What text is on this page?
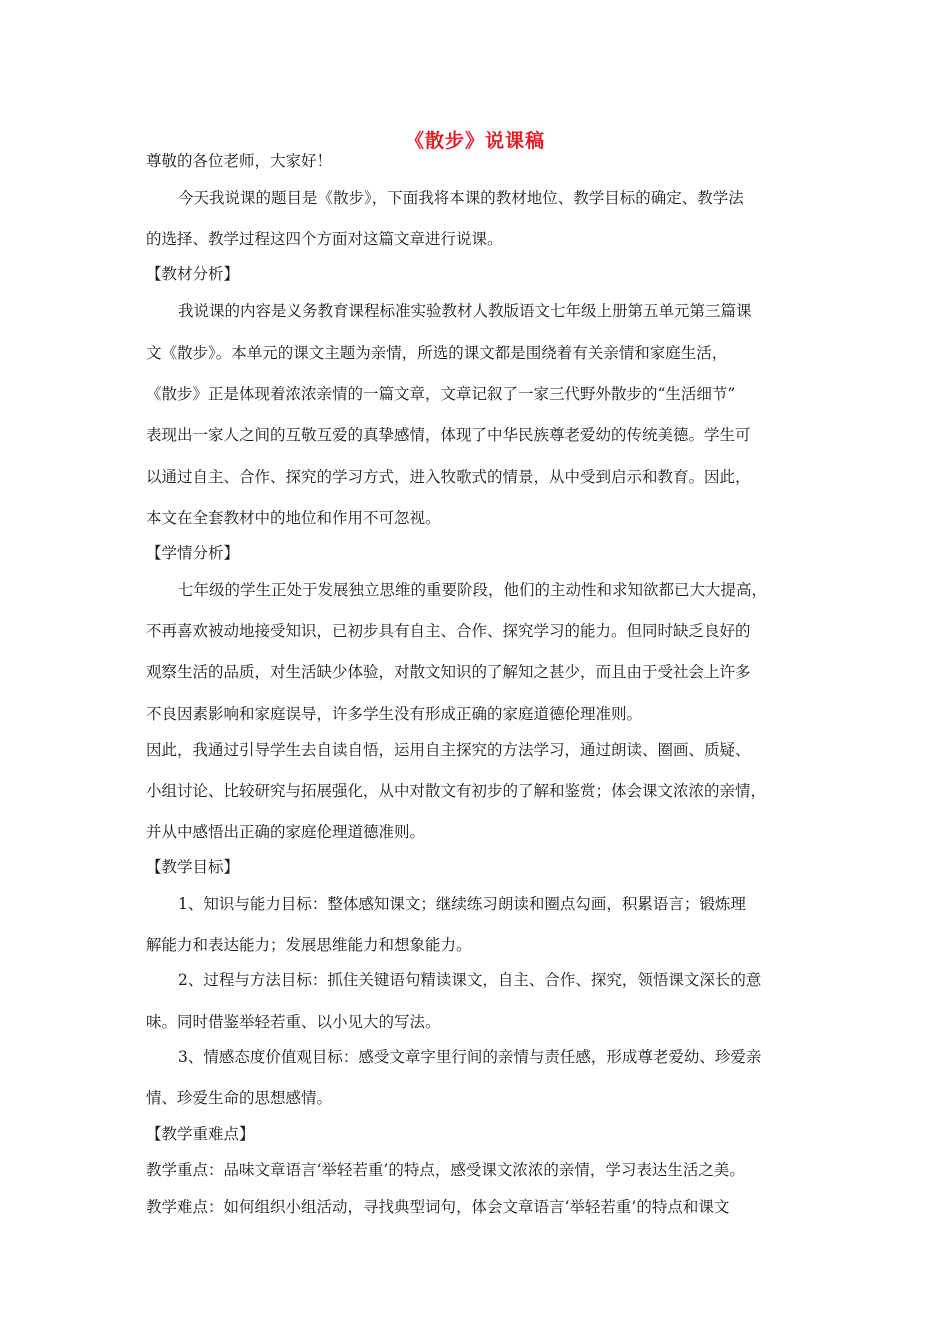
《散步》说课稿
尊敬的各位老师，大家好！
今天我说课的题目是《散步》，下面我将本课的教材地位、教学目标的确定、教学法
的选择、教学过程这四个方面对这篇文章进行说课。
【教材分析】
我说课的内容是义务教育课程标准实验教材人教版语文七年级上册第五单元第三篇课
文《散步》。本单元的课文主题为亲情，所选的课文都是围绕着有关亲情和家庭生活，
《散步》正是体现着浓浓亲情的一篇文章，文章记叙了一家三代野外散步的“生活细节”
表现出一家人之间的互敬互爱的真挚感情，体现了中华民族尊老爱幼的传统美德。学生可
以通过自主、合作、探究的学习方式，进入牧歌式的情景，从中受到启示和教育。因此，
本文在全套教材中的地位和作用不可忽视。
【学情分析】
七年级的学生正处于发展独立思维的重要阶段，他们的主动性和求知欲都已大大提高，
不再喜欢被动地接受知识，已初步具有自主、合作、探究学习的能力。但同时缺乏良好的
观察生活的品质，对生活缺少体验，对散文知识的了解知之甚少，而且由于受社会上许多
不良因素影响和家庭误导，许多学生没有形成正确的家庭道德伦理准则。
因此，我通过引导学生去自读自悟，运用自主探究的方法学习，通过朗读、圈画、质疑、
小组讨论、比较研究与拓展强化，从中对散文有初步的了解和鉴赏；体会课文浓浓的亲情，
并从中感悟出正确的家庭伦理道德准则。
【教学目标】
1、知识与能力目标：整体感知课文；继续练习朗读和圈点勾画，积累语言；锻炼理
解能力和表达能力；发展思维能力和想象能力。
2、过程与方法目标：抓住关键语句精读课文，自主、合作、探究，领悟课文深长的意
味。同时借鉴举轻若重、以小见大的写法。
3、情感态度价值观目标：感受文章字里行间的亲情与责任感，形成尊老爱幼、珍爱亲
情、珍爱生命的思想感情。
【教学重难点】
教学重点：品味文章语言‘举轻若重’的特点，感受课文浓浓的亲情，学习表达生活之美。
教学难点：如何组织小组活动，寻找典型词句，体会文章语言‘举轻若重’的特点和课文
